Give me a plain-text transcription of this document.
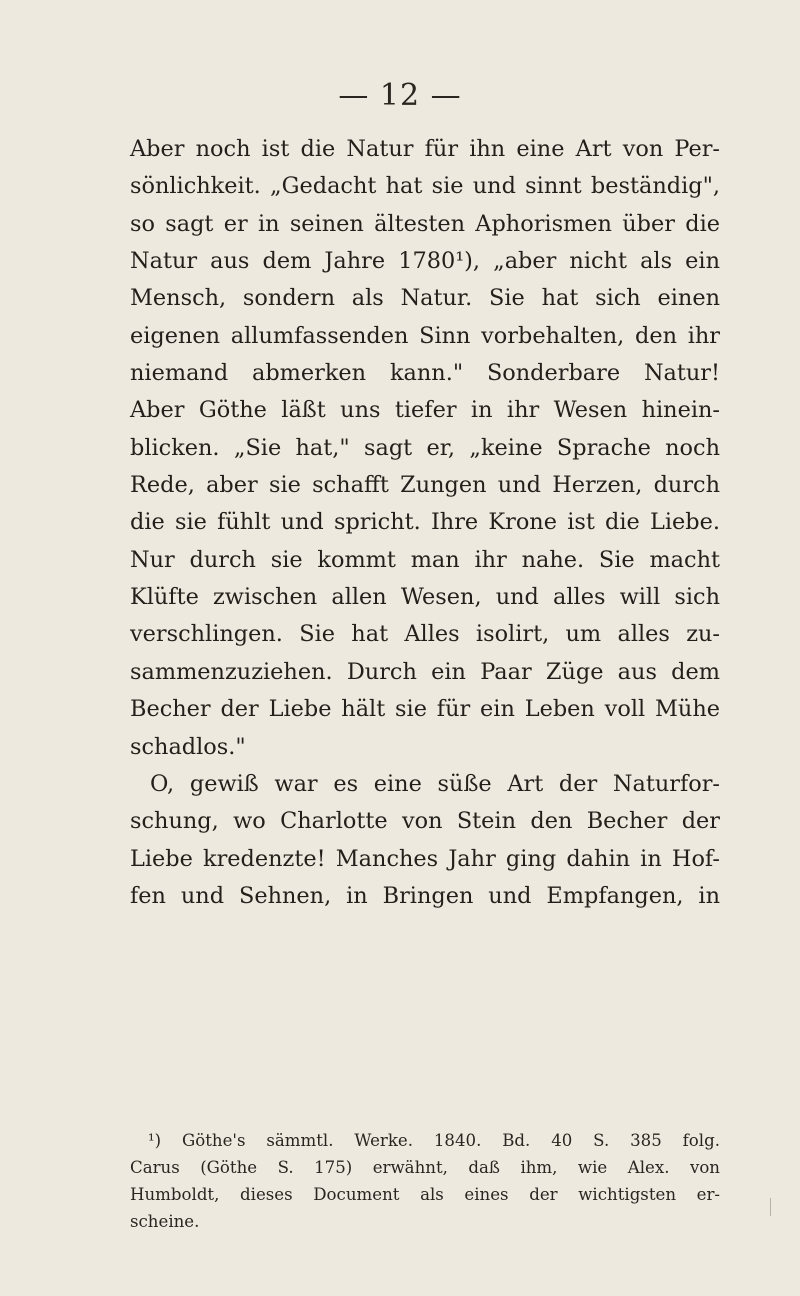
— 12 —
Aber noch ist die Natur für ihn eine Art von Per-
sönlichkeit. „Gedacht hat sie und sinnt beständig",
so sagt er in seinen ältesten Aphorismen über die
Natur aus dem Jahre 1780¹), „aber nicht als ein
Mensch, sondern als Natur. Sie hat sich einen
eigenen allumfassenden Sinn vorbehalten, den ihr
niemand abmerken kann." Sonderbare Natur!
Aber Göthe läßt uns tiefer in ihr Wesen hinein-
blicken. „Sie hat," sagt er, „keine Sprache noch
Rede, aber sie schafft Zungen und Herzen, durch
die sie fühlt und spricht. Ihre Krone ist die Liebe.
Nur durch sie kommt man ihr nahe. Sie macht
Klüfte zwischen allen Wesen, und alles will sich
verschlingen. Sie hat Alles isolirt, um alles zu-
sammenzuziehen. Durch ein Paar Züge aus dem
Becher der Liebe hält sie für ein Leben voll Mühe
schadlos."
O, gewiß war es eine süße Art der Naturfor-
schung, wo Charlotte von Stein den Becher der
Liebe kredenzte! Manches Jahr ging dahin in Hof-
fen und Sehnen, in Bringen und Empfangen, in
¹) Göthe's sämmtl. Werke. 1840. Bd. 40 S. 385 folg.
Carus (Göthe S. 175) erwähnt, daß ihm, wie Alex. von
Humboldt, dieses Document als eines der wichtigsten er-
scheine.
